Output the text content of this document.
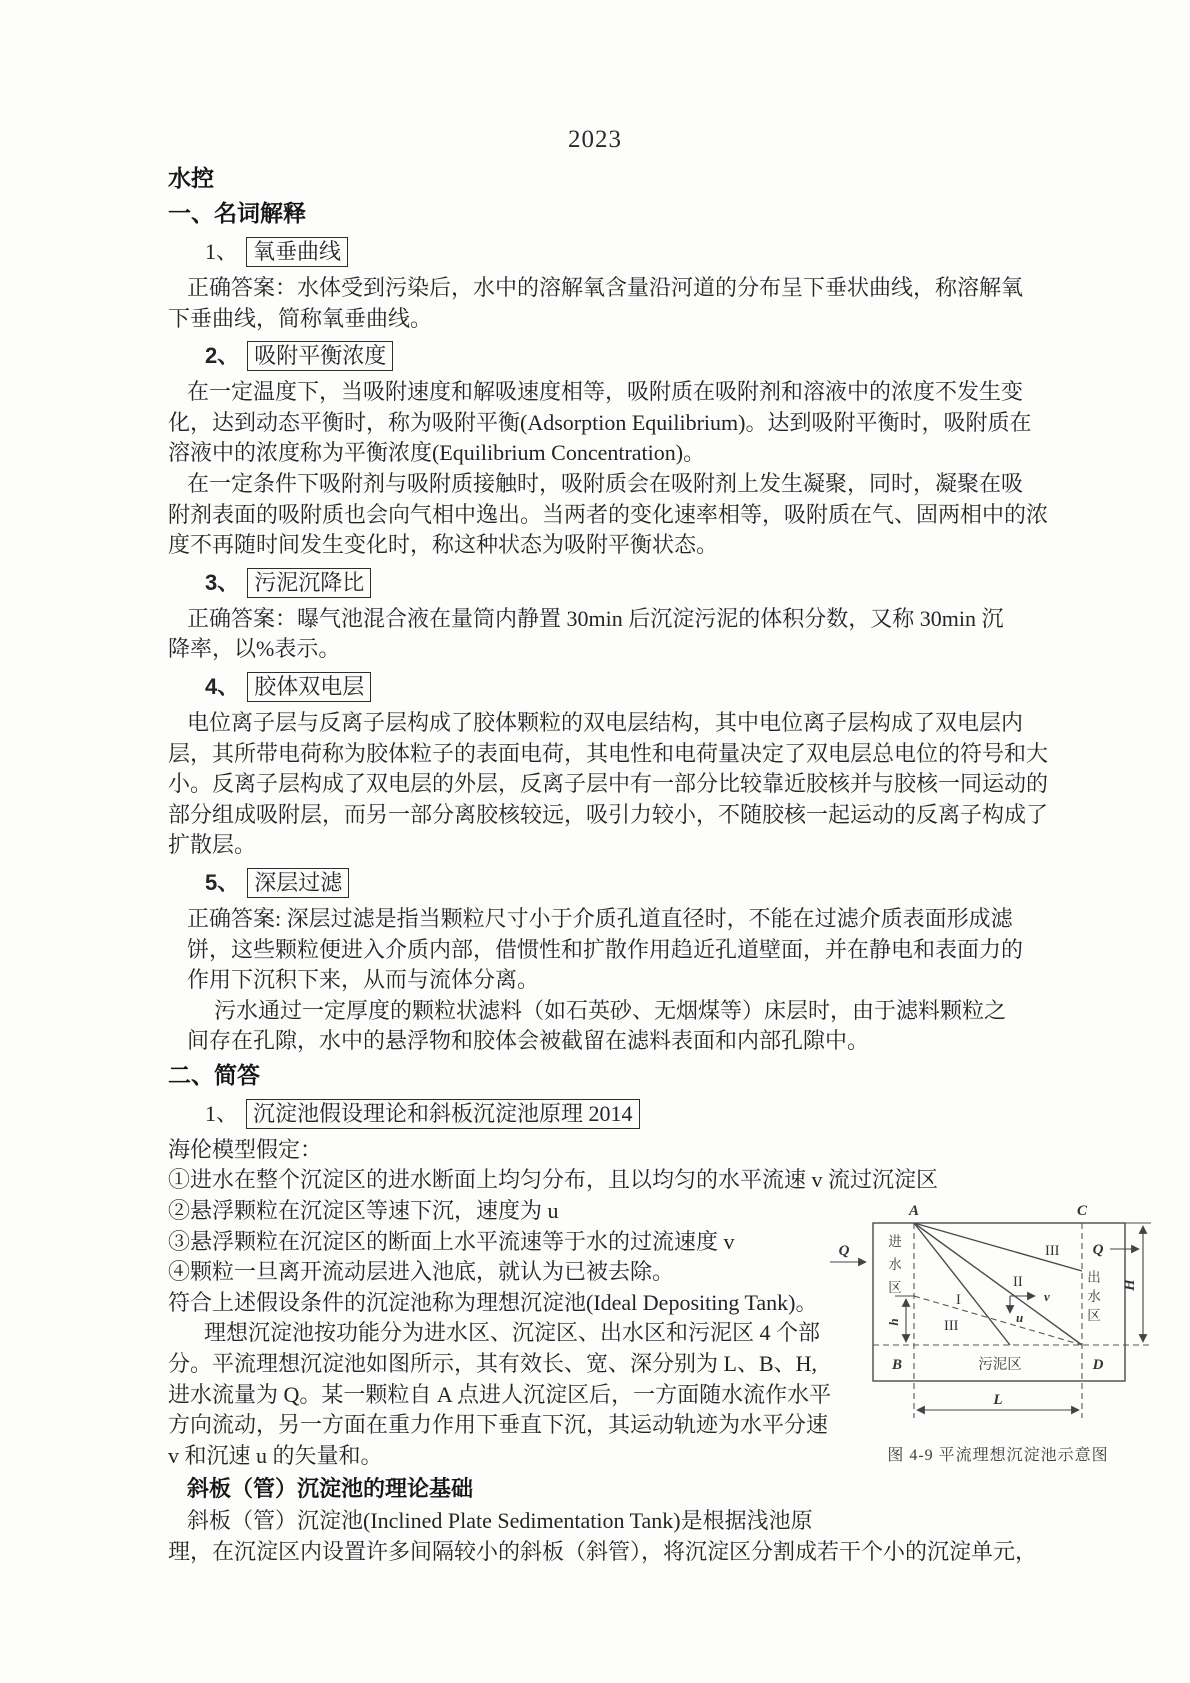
2023
水控
一、名词解释
1、 氧垂曲线
正确答案：水体受到污染后，水中的溶解氧含量沿河道的分布呈下垂状曲线，称溶解氧
下垂曲线，简称氧垂曲线。
2、 吸附平衡浓度
在一定温度下，当吸附速度和解吸速度相等，吸附质在吸附剂和溶液中的浓度不发生变
化，达到动态平衡时，称为吸附平衡(Adsorption Equilibrium)。达到吸附平衡时，吸附质在
溶液中的浓度称为平衡浓度(Equilibrium Concentration)。
在一定条件下吸附剂与吸附质接触时，吸附质会在吸附剂上发生凝聚，同时，凝聚在吸
附剂表面的吸附质也会向气相中逸出。当两者的变化速率相等，吸附质在气、固两相中的浓
度不再随时间发生变化时，称这种状态为吸附平衡状态。
3、 污泥沉降比
正确答案：曝气池混合液在量筒内静置 30min 后沉淀污泥的体积分数，又称 30min 沉
降率，以%表示。
4、 胶体双电层
电位离子层与反离子层构成了胶体颗粒的双电层结构，其中电位离子层构成了双电层内
层，其所带电荷称为胶体粒子的表面电荷，其电性和电荷量决定了双电层总电位的符号和大
小。反离子层构成了双电层的外层，反离子层中有一部分比较靠近胶核并与胶核一同运动的
部分组成吸附层，而另一部分离胶核较远，吸引力较小，不随胶核一起运动的反离子构成了
扩散层。
5、 深层过滤
正确答案: 深层过滤是指当颗粒尺寸小于介质孔道直径时，不能在过滤介质表面形成滤
饼，这些颗粒便进入介质内部，借惯性和扩散作用趋近孔道壁面，并在静电和表面力的
作用下沉积下来，从而与流体分离。
污水通过一定厚度的颗粒状滤料（如石英砂、无烟煤等）床层时，由于滤料颗粒之
间存在孔隙，水中的悬浮物和胶体会被截留在滤料表面和内部孔隙中。
二、简答
1、 沉淀池假设理论和斜板沉淀池原理 2014
海伦模型假定：
①进水在整个沉淀区的进水断面上均匀分布，且以均匀的水平流速 v 流过沉淀区
②悬浮颗粒在沉淀区等速下沉，速度为 u
③悬浮颗粒在沉淀区的断面上水平流速等于水的过流速度 v
④颗粒一旦离开流动层进入池底，就认为已被去除。
符合上述假设条件的沉淀池称为理想沉淀池(Ideal Depositing Tank)。
理想沉淀池按功能分为进水区、沉淀区、出水区和污泥区 4 个部
分。平流理想沉淀池如图所示，其有效长、宽、深分别为 L、B、H,
进水流量为 Q。某一颗粒自 A 点进人沉淀区后，一方面随水流作水平
方向流动，另一方面在重力作用下垂直下沉，其运动轨迹为水平分速
v 和沉速 u 的矢量和。
斜板（管）沉淀池的理论基础
斜板（管）沉淀池(Inclined Plate Sedimentation Tank)是根据浅池原
理，在沉淀区内设置许多间隔较小的斜板（斜管），将沉淀区分割成若干个小的沉淀单元，
h
v
u
A	C
B	D
Q	Q
I
II
III
III
进水区
出水区
污泥区
H
L
图 4-9 平流理想沉淀池示意图
